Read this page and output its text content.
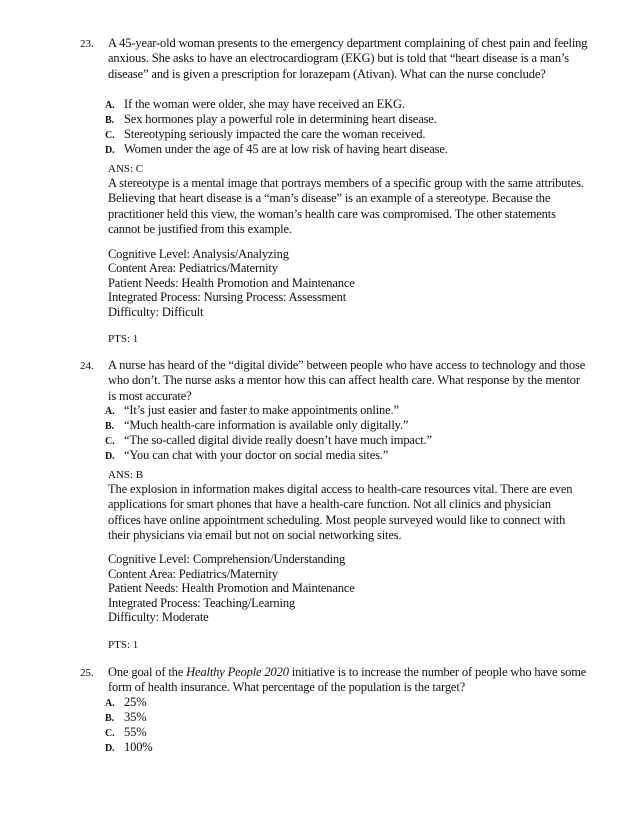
23. A 45-year-old woman presents to the emergency department complaining of chest pain and feeling anxious. She asks to have an electrocardiogram (EKG) but is told that “heart disease is a man’s disease” and is given a prescription for lorazepam (Ativan). What can the nurse conclude?
A. If the woman were older, she may have received an EKG.
B. Sex hormones play a powerful role in determining heart disease.
C. Stereotyping seriously impacted the care the woman received.
D. Women under the age of 45 are at low risk of having heart disease.
ANS: C
A stereotype is a mental image that portrays members of a specific group with the same attributes. Believing that heart disease is a “man’s disease” is an example of a stereotype. Because the practitioner held this view, the woman’s health care was compromised. The other statements cannot be justified from this example.
Cognitive Level: Analysis/Analyzing
Content Area: Pediatrics/Maternity
Patient Needs: Health Promotion and Maintenance
Integrated Process: Nursing Process: Assessment
Difficulty: Difficult
PTS: 1
24. A nurse has heard of the “digital divide” between people who have access to technology and those who don’t. The nurse asks a mentor how this can affect health care. What response by the mentor is most accurate?
A. “It’s just easier and faster to make appointments online.”
B. “Much health-care information is available only digitally.”
C. “The so-called digital divide really doesn’t have much impact.”
D. “You can chat with your doctor on social media sites.”
ANS: B
The explosion in information makes digital access to health-care resources vital. There are even applications for smart phones that have a health-care function. Not all clinics and physician offices have online appointment scheduling. Most people surveyed would like to connect with their physicians via email but not on social networking sites.
Cognitive Level: Comprehension/Understanding
Content Area: Pediatrics/Maternity
Patient Needs: Health Promotion and Maintenance
Integrated Process: Teaching/Learning
Difficulty: Moderate
PTS: 1
25. One goal of the Healthy People 2020 initiative is to increase the number of people who have some form of health insurance. What percentage of the population is the target?
A. 25%
B. 35%
C. 55%
D. 100%
